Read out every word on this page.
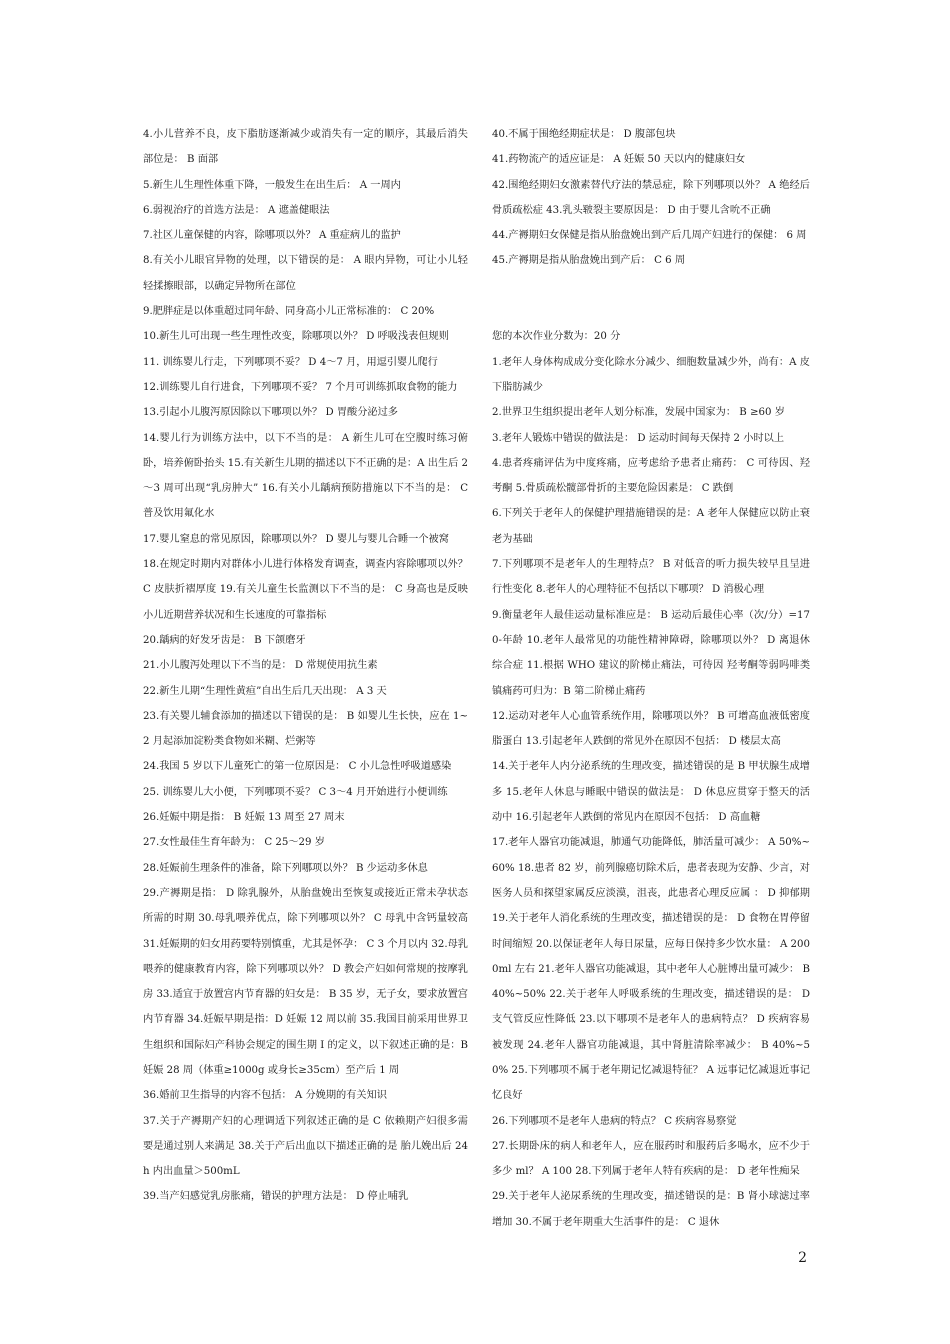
4.小儿营养不良，皮下脂肪逐渐减少或消失有一定的顺序，其最后消失部位是： B 面部

5.新生儿生理性体重下降，一般发生在出生后： A 一周内

6.弱视治疗的首选方法是： A 遮盖健眼法

7.社区儿童保健的内容，除哪项以外？ A 重症病儿的监护

8.有关小儿眼官异物的处理，以下错误的是： A 眼内异物，可让小儿轻轻揉擦眼部，以确定异物所在部位

9.肥胖症是以体重超过同年龄、同身高小儿正常标准的： C 20%

10.新生儿可出现一些生理性改变，除哪项以外？ D 呼吸浅表但规则

11. 训练婴儿行走，下列哪项不妥？ D 4～7 月，用逗引婴儿爬行

12.训练婴儿自行进食，下列哪项不妥？ 7 个月可训练抓取食物的能力

13.引起小儿腹泻原因除以下哪项以外？ D 胃酸分泌过多

14.婴儿行为训练方法中，以下不当的是： A 新生儿可在空腹时练习俯卧，培养俯卧抬头 15.有关新生儿期的描述以下不正确的是：A 出生后 2～3 周可出现“乳房肿大” 16.有关小儿龋病预防措施以下不当的是： C 普及饮用氟化水

17.婴儿窒息的常见原因，除哪项以外？ D 婴儿与婴儿合睡一个被窝

18.在规定时期内对群体小儿进行体格发育调查，调查内容除哪项以外？ C 皮肤折褶厚度 19.有关儿童生长监测以下不当的是： C 身高也是反映小儿近期营养状况和生长速度的可靠指标

20.龋病的好发牙齿是： B 下颌磨牙

21.小儿腹泻处理以下不当的是： D 常规使用抗生素

22.新生儿期“生理性黄疸”自出生后几天出现： A 3 天

23.有关婴儿辅食添加的描述以下错误的是： B 如婴儿生长快，应在 1~2 月起添加淀粉类食物如米糊、烂粥等

24.我国 5 岁以下儿童死亡的第一位原因是： C 小儿急性呼吸道感染

25. 训练婴儿大小便，下列哪项不妥？ C 3～4 月开始进行小便训练

26.妊娠中期是指： B 妊娠 13 周至 27 周末

27.女性最佳生育年龄为： C 25～29 岁

28.妊娠前生理条件的准备，除下列哪项以外？ B 少运动多休息

29.产褥期是指： D 除乳腺外，从胎盘娩出至恢复或接近正常未孕状态所需的时期 30.母乳喂养优点，除下列哪项以外？ C 母乳中含钙量较高 31.妊娠期的妇女用药要特别慎重，尤其是怀孕： C 3 个月以内 32.母乳喂养的健康教育内容，除下列哪项以外？ D 教会产妇如何常规的按摩乳房 33.适宜于放置宫内节育器的妇女是： B 35 岁，无子女，要求放置宫内节育器 34.妊娠早期是指：D 妊娠 12 周以前 35.我国目前采用世界卫生组织和国际妇产科协会规定的围生期 I 的定义，以下叙述正确的是：B 妊娠 28 周（体重≥1000g 或身长≥35cm）至产后 1 周

36.婚前卫生指导的内容不包括： A 分娩期的有关知识

37.关于产褥期产妇的心理调适下列叙述正确的是 C 依赖期产妇很多需要是通过别人来满足 38.关于产后出血以下描述正确的是 胎儿娩出后 24h 内出血量＞500mL

39.当产妇感觉乳房胀痛，错误的护理方法是： D 停止哺乳

40.不属于围绝经期症状是： D 腹部包块

41.药物流产的适应证是： A 妊娠 50 天以内的健康妇女

42.围绝经期妇女激素替代疗法的禁忌症，除下列哪项以外？ A 绝经后骨质疏松症 43.乳头皲裂主要原因是： D 由于婴儿含吮不正确

44.产褥期妇女保健是指从胎盘娩出到产后几周产妇进行的保健： 6 周

45.产褥期是指从胎盘娩出到产后： C 6 周

您的本次作业分数为：20 分

1.老年人身体构成成分变化除水分减少、细胞数量减少外，尚有：A 皮下脂肪减少

2.世界卫生组织提出老年人划分标准，发展中国家为： B ≥60 岁

3.老年人锻炼中错误的做法是： D 运动时间每天保持 2 小时以上

4.患者疼痛评估为中度疼痛，应考虑给予患者止痛药： C 可待因、羟考酮 5.骨质疏松髋部骨折的主要危险因素是： C 跌倒

6.下列关于老年人的保健护理措施错误的是：A 老年人保健应以防止衰老为基础

7.下列哪项不是老年人的生理特点？ B 对低音的听力损失较早且呈进行性变化 8.老年人的心理特征不包括以下哪项？ D 消极心理

9.衡量老年人最佳运动量标准应是： B 运动后最佳心率（次/分）=170-年龄 10.老年人最常见的功能性精神障碍，除哪项以外？ D 离退休综合症 11.根据 WHO 建议的阶梯止痛法，可待因 羟考酮等弱吗啡类镇痛药可归为：B 第二阶梯止痛药

12.运动对老年人心血管系统作用，除哪项以外？ B 可增高血液低密度脂蛋白 13.引起老年人跌倒的常见外在原因不包括： D 楼层太高

14.关于老年人内分泌系统的生理改变，描述错误的是 B 甲状腺生成增多 15.老年人休息与睡眠中错误的做法是： D 休息应贯穿于整天的活动中 16.引起老年人跌倒的常见内在原因不包括： D 高血糖

17.老年人器官功能减退，肺通气功能降低，肺活量可减少： A 50%~60% 18.患者 82 岁，前列腺癌切除术后，患者表现为安静、少言，对医务人员和探望家属反应淡漠，沮丧，此患者心理反应属 ： D 抑郁期 19.关于老年人消化系统的生理改变，描述错误的是： D 食物在胃停留时间缩短 20.以保证老年人每日尿量，应每日保持多少饮水量： A 2000ml 左右 21.老年人器官功能减退，其中老年人心脏博出量可减少： B 40%~50% 22.关于老年人呼吸系统的生理改变，描述错误的是： D 支气管反应性降低 23.以下哪项不是老年人的患病特点？ D 疾病容易被发现 24.老年人器官功能减退，其中肾脏清除率减少： B 40%~50% 25.下列哪项不属于老年期记忆减退特征？ A 远事记忆减退近事记忆良好

26.下列哪项不是老年人患病的特点？ C 疾病容易察觉

27.长期卧床的病人和老年人，应在服药时和服药后多喝水，应不少于多少 ml？ A 100 28.下列属于老年人特有疾病的是： D 老年性痴呆

29.关于老年人泌尿系统的生理改变，描述错误的是：B 肾小球滤过率增加 30.不属于老年期重大生活事件的是： C 退休

2
